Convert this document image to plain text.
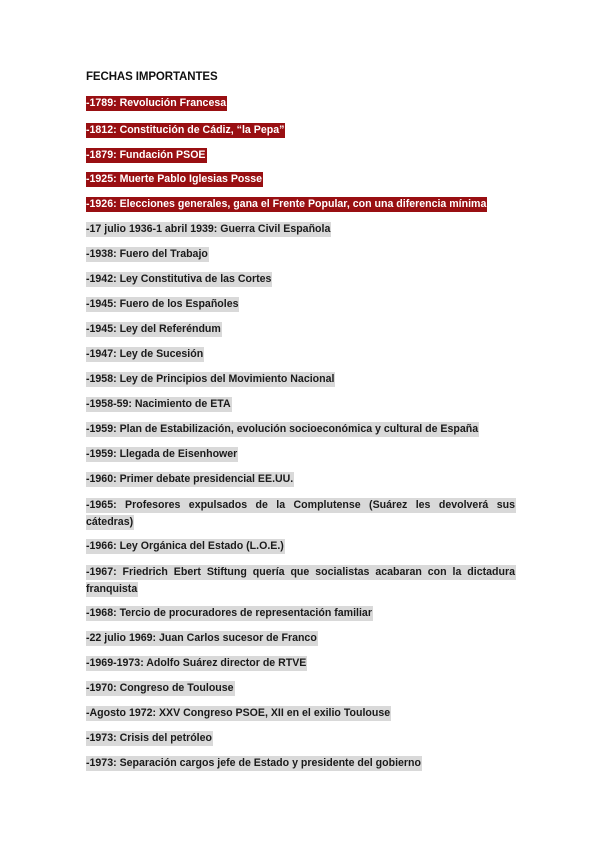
FECHAS IMPORTANTES
-1789: Revolución Francesa
-1812: Constitución de Cádiz, “la Pepa”
-1879: Fundación PSOE
-1925: Muerte Pablo Iglesias Posse
-1926: Elecciones generales, gana el Frente Popular, con una diferencia mínima
-17 julio 1936-1 abril 1939: Guerra Civil Española
-1938: Fuero del Trabajo
-1942: Ley Constitutiva de las Cortes
-1945: Fuero de los Españoles
-1945: Ley del Referéndum
-1947: Ley de Sucesión
-1958: Ley de Principios del Movimiento Nacional
-1958-59: Nacimiento de ETA
-1959: Plan de Estabilización, evolución socioeconómica y cultural de España
-1959: Llegada de Eisenhower
-1960: Primer debate presidencial EE.UU.
-1965: Profesores expulsados de la Complutense (Suárez les devolverá sus cátedras)
-1966: Ley Orgánica del Estado (L.O.E.)
-1967: Friedrich Ebert Stiftung quería que socialistas acabaran con la dictadura franquista
-1968: Tercio de procuradores de representación familiar
-22 julio 1969: Juan Carlos sucesor de Franco
-1969-1973: Adolfo Suárez director de RTVE
-1970: Congreso de Toulouse
-Agosto 1972: XXV Congreso PSOE, XII en el exilio Toulouse
-1973: Crisis del petróleo
-1973: Separación cargos jefe de Estado y presidente del gobierno
